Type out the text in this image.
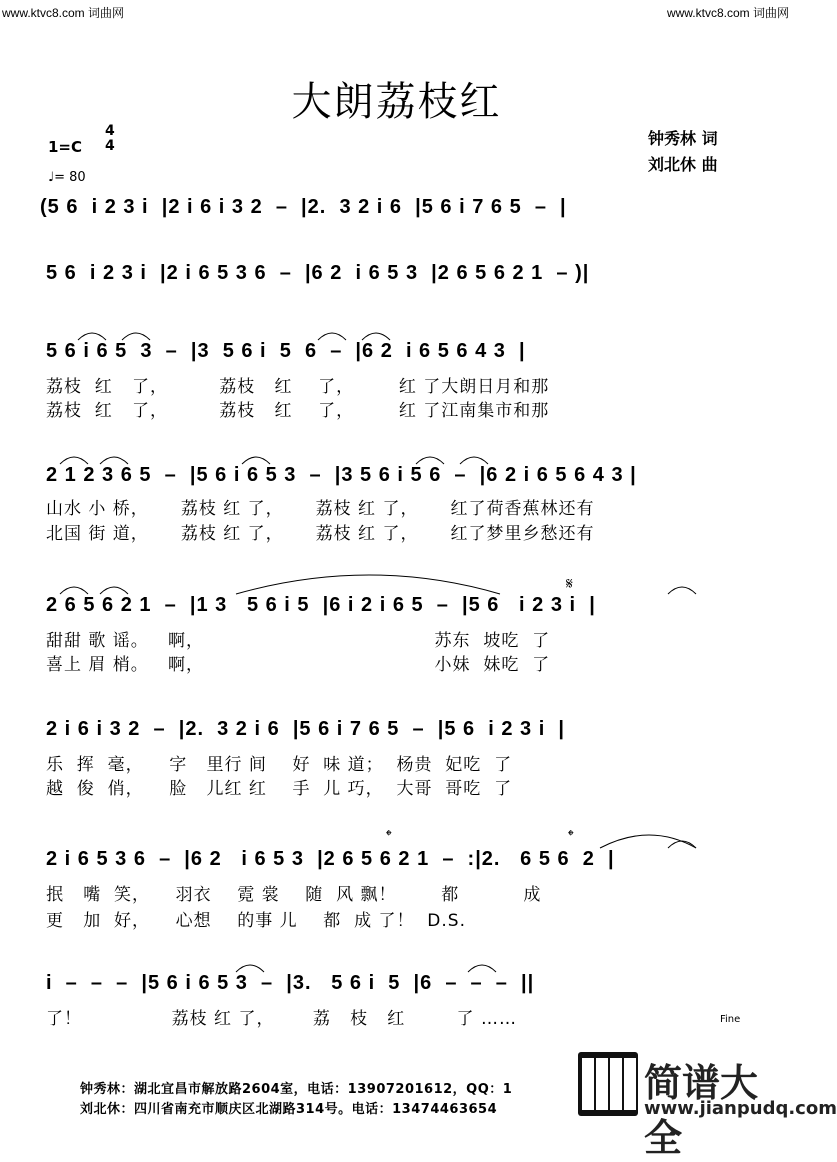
www.ktvc8.com 词曲网	www.ktvc8.com 词曲网
大朗荔枝红
1=C
4
4
♩= 80
钟秀林 词
刘北休 曲
(5 6  i 2 3 i  |2 i 6 i 3 2  –  |2.  3 2 i 6  |5 6 i 7 6 5  –  |
5 6  i 2 3 i  |2 i 6 5 3 6  –  |6 2  i 6 5 3  |2 6 5 6 2 1  – )|
5 6 i 6 5  3  –  |3  5 6 i  5  6  –  |6 2  i 6 5 6 4 3  |
荔枝  红   了，        荔枝   红    了，       红 了大朗日月和那
荔枝  红   了，        荔枝   红    了，       红 了江南集市和那
2 1 2 3 6 5  –  |5 6 i 6 5 3  –  |3 5 6 i 5 6  –  |6 2 i 6 5 6 4 3 |
山水 小 桥，     荔枝 红 了，     荔枝 红 了，     红了荷香蕉林还有
北国 街 道，     荔枝 红 了，     荔枝 红 了，     红了梦里乡愁还有
2 6 5 6 2 1  –  |1 3   5 6 i 5  |6 i 2 i 6 5  –  |5 6   i 2 3 i  |
甜甜 歌 谣。   啊，                                    苏东  坡吃  了
喜上 眉 梢。   啊，                                    小妹  妹吃  了
2 i 6 i 3 2  –  |2.  3 2 i 6  |5 6 i 7 6 5  –  |5 6  i 2 3 i  |
乐  挥  毫，    字   里行 间    好  味 道；  杨贵  妃吃  了
越  俊  俏，    脸   儿红 红    手  儿 巧，  大哥  哥吃  了
2 i 6 5 3 6  –  |6 2   i 6 5 3  |2 6 5 6 2 1  –  :|2.   6 5 6  2  |
抿   嘴  笑，    羽衣    霓 裳    随  风 飘！       都          成
更   加  好，    心想    的事 儿    都  成 了！  D.S.
i  –  –  –  |5 6 i 6 5 3  –  |3.   5 6 i  5  |6  –  –  –  ||
了！              荔枝 红 了，      荔   枝   红        了 ……
𝄋
𝄌	𝄌
Fine
钟秀林：湖北宜昌市解放路2604室，电话：13907201612，QQ：1
刘北休：四川省南充市顺庆区北湖路314号。电话：13474463654
简谱大全
www.jianpudq.com
